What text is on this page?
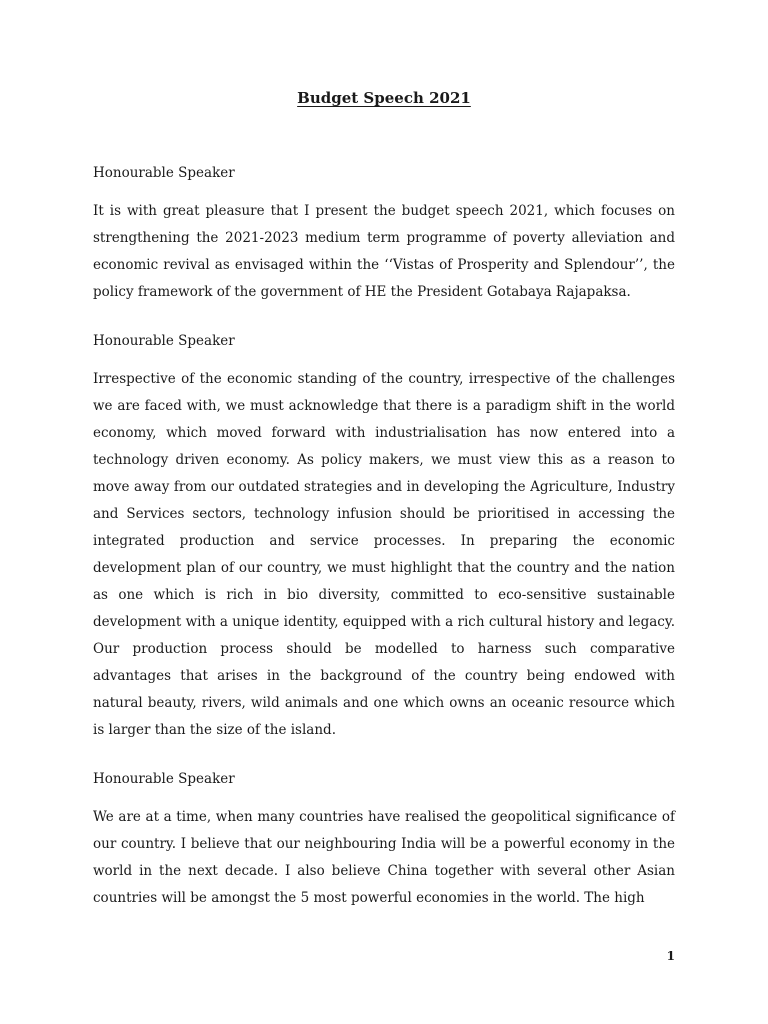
Budget Speech 2021

Honourable Speaker

It is with great pleasure that I present the budget speech 2021, which focuses on strengthening the 2021-2023 medium term programme of poverty alleviation and economic revival as envisaged within the ‘‘Vistas of Prosperity and Splendour’’, the policy framework of the government of HE the President Gotabaya Rajapaksa.

Honourable Speaker

Irrespective of the economic standing of the country, irrespective of the challenges we are faced with, we must acknowledge that there is a paradigm shift in the world economy, which moved forward with industrialisation has now entered into a technology driven economy. As policy makers, we must view this as a reason to move away from our outdated strategies and in developing the Agriculture, Industry and Services sectors, technology infusion should be prioritised in accessing the integrated production and service processes. In preparing the economic development plan of our country, we must highlight that the country and the nation as one which is rich in bio diversity, committed to eco-sensitive sustainable development with a unique identity, equipped with a rich cultural history and legacy. Our production process should be modelled to harness such comparative advantages that arises in the background of the country being endowed with natural beauty, rivers, wild animals and one which owns an oceanic resource which is larger than the size of the island.

Honourable Speaker

We are at a time, when many countries have realised the geopolitical significance of our country. I believe that our neighbouring India will be a powerful economy in the world in the next decade. I also believe China together with several other Asian countries will be amongst the 5 most powerful economies in the world. The high

1
